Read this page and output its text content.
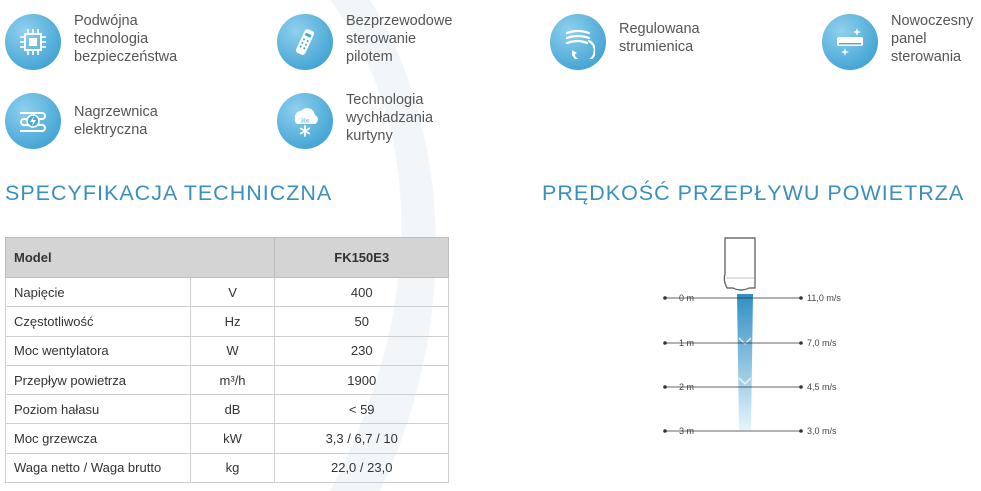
Podwójna
technologia
bezpieczeństwa
Bezprzewodowe
sterowanie
pilotem
Regulowana
strumienica
Nowoczesny
panel
sterowania
Nagrzewnica
elektryczna
30s
Technologia
wychładzania
kurtyny
SPECYFIKACJA TECHNICZNA	PRĘDKOŚĆ PRZEPŁYWU POWIETRZA
Model		FK150E3
Napięcie	V	400
Częstotliwość	Hz	50
Moc wentylatora	W	230
Przepływ powietrza	m³/h	1900
Poziom hałasu	dB	< 59
Moc grzewcza	kW	3,3 / 6,7 / 10
Waga netto / Waga brutto	kg	22,0 / 23,0
0 m	11,0 m/s
1 m	7,0 m/s
2 m	4,5 m/s
3 m	3,0 m/s
